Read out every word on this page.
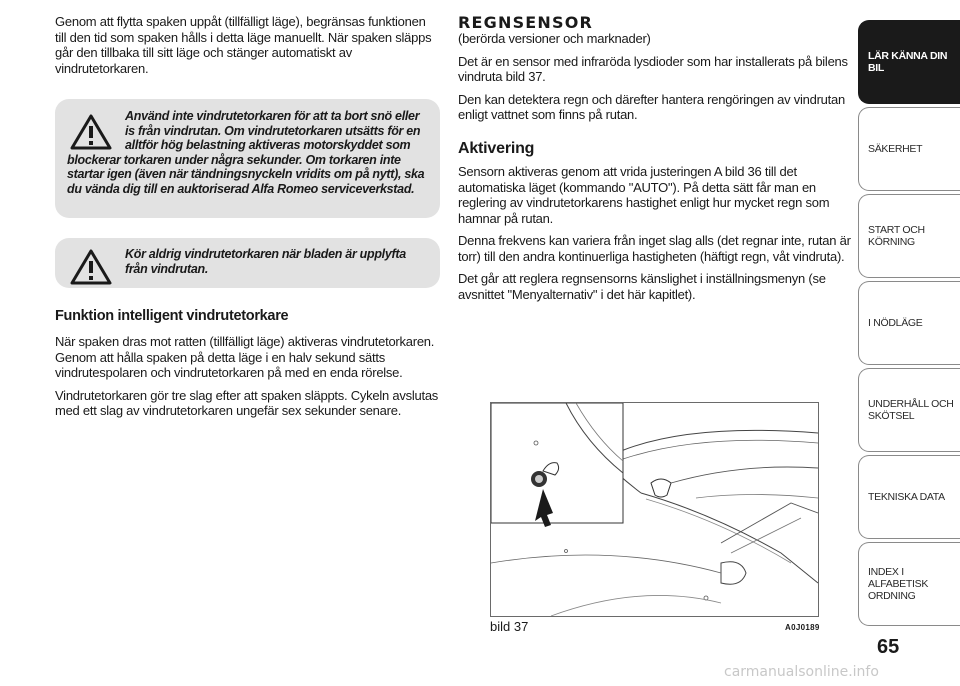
Genom att flytta spaken uppåt (tillfälligt läge), begränsas funktionen till den tid som spaken hålls i detta läge manuellt. När spaken släpps går den tillbaka till sitt läge och stänger automatiskt av vindrutetorkaren.

Använd inte vindrutetorkaren för att ta bort snö eller is från vindrutan. Om vindrutetorkaren utsätts för en alltför hög belastning aktiveras motorskyddet som
blockerar torkaren under några sekunder. Om torkaren inte startar igen (även när tändningsnyckeln vridits om på nytt), ska du vända dig till en auktoriserad Alfa Romeo serviceverkstad.
Kör aldrig vindrutetorkaren när bladen är upplyfta från vindrutan.
Funktion intelligent vindrutetorkare

När spaken dras mot ratten (tillfälligt läge) aktiveras vindrutetorkaren. Genom att hålla spaken på detta läge i en halv sekund sätts vindrutespolaren och vindrutetorkaren på med en enda rörelse.

Vindrutetorkaren gör tre slag efter att spaken släppts. Cykeln avslutas med ett slag av vindrutetorkaren ungefär sex sekunder senare.

REGNSENSOR

(berörda versioner och marknader)

Det är en sensor med infraröda lysdioder som har installerats på bilens vindruta bild 37.

Den kan detektera regn och därefter hantera rengöringen av vindrutan enligt vattnet som finns på rutan.

Aktivering

Sensorn aktiveras genom att vrida justeringen A bild 36 till det automatiska läget (kommando "AUTO"). På detta sätt får man en reglering av vindrutetorkarens hastighet enligt hur mycket regn som hamnar på rutan.

Denna frekvens kan variera från inget slag alls (det regnar inte, rutan är torr) till den andra kontinuerliga hastigheten (häftigt regn, våt vindruta).

Det går att reglera regnsensorns känslighet i inställningsmenyn (se avsnittet "Menyalternativ" i det här kapitlet).

bild 37	A0J0189
LÄR KÄNNA DIN BIL
SÄKERHET
START OCH KÖRNING
I NÖDLÄGE
UNDERHÅLL OCH SKÖTSEL
TEKNISKA DATA
INDEX I ALFABETISK ORDNING
65
carmanualsonline.info
